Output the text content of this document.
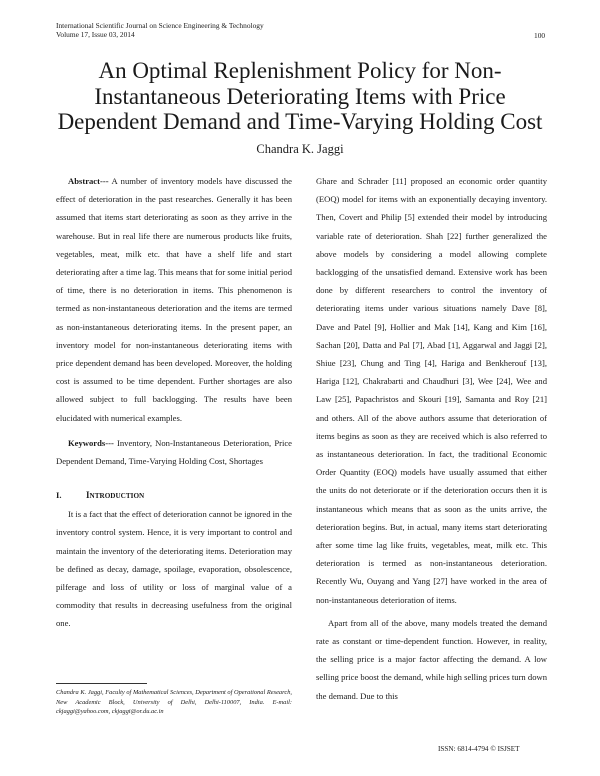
International Scientific Journal on Science Engineering & Technology
Volume 17, Issue 03, 2014	100
An Optimal Replenishment Policy for Non-
Instantaneous Deteriorating Items with Price
Dependent Demand and Time-Varying Holding Cost
Chandra K. Jaggi

Abstract--- A number of inventory models have discussed the effect of deterioration in the past researches. Generally it has been assumed that items start deteriorating as soon as they arrive in the warehouse. But in real life there are numerous products like fruits, vegetables, meat, milk etc. that have a shelf life and start deteriorating after a time lag. This means that for some initial period of time, there is no deterioration in items. This phenomenon is termed as non-instantaneous deterioration and the items are termed as non-instantaneous deteriorating items. In the present paper, an inventory model for non-instantaneous deteriorating items with price dependent demand has been developed. Moreover, the holding cost is assumed to be time dependent. Further shortages are also allowed subject to full backlogging. The results have been elucidated with numerical examples.

Keywords--- Inventory, Non-Instantaneous Deterioration, Price Dependent Demand, Time-Varying Holding Cost, Shortages

I.	INTRODUCTION

It is a fact that the effect of deterioration cannot be ignored in the inventory control system. Hence, it is very important to control and maintain the inventory of the deteriorating items. Deterioration may be defined as decay, damage, spoilage, evaporation, obsolescence, pilferage and loss of utility or loss of marginal value of a commodity that results in decreasing usefulness from the original one.

Ghare and Schrader [11] proposed an economic order quantity (EOQ) model for items with an exponentially decaying inventory. Then, Covert and Philip [5] extended their model by introducing variable rate of deterioration. Shah [22] further generalized the above models by considering a model allowing complete backlogging of the unsatisfied demand. Extensive work has been done by different researchers to control the inventory of deteriorating items under various situations namely Dave [8], Dave and Patel [9], Hollier and Mak [14], Kang and Kim [16], Sachan [20], Datta and Pal [7], Abad [1], Aggarwal and Jaggi [2], Shiue [23], Chung and Ting [4], Hariga and Benkherouf [13], Hariga [12], Chakrabarti and Chaudhuri [3], Wee [24], Wee and Law [25], Papachristos and Skouri [19], Samanta and Roy [21] and others. All of the above authors assume that deterioration of items begins as soon as they are received which is also referred to as instantaneous deterioration. In fact, the traditional Economic Order Quantity (EOQ) models have usually assumed that either the units do not deteriorate or if the deterioration occurs then it is instantaneous which means that as soon as the units arrive, the deterioration begins. But, in actual, many items start deteriorating after some time lag like fruits, vegetables, meat, milk etc. This deterioration is termed as non-instantaneous deterioration. Recently Wu, Ouyang and Yang [27] have worked in the area of non-instantaneous deterioration of items.

Apart from all of the above, many models treated the demand rate as constant or time-dependent function. However, in reality, the selling price is a major factor affecting the demand. A low selling price boost the demand, while high selling prices turn down the demand. Due to this

Chandra K. Jaggi, Faculty of Mathematical Sciences, Department of Operational Research, New Academic Block, University of Delhi, Delhi-110007, India. E-mail: ckjaggi@yahoo.com, ckjaggi@or.du.ac.in
ISSN: 6814-4794 © ISJSET
